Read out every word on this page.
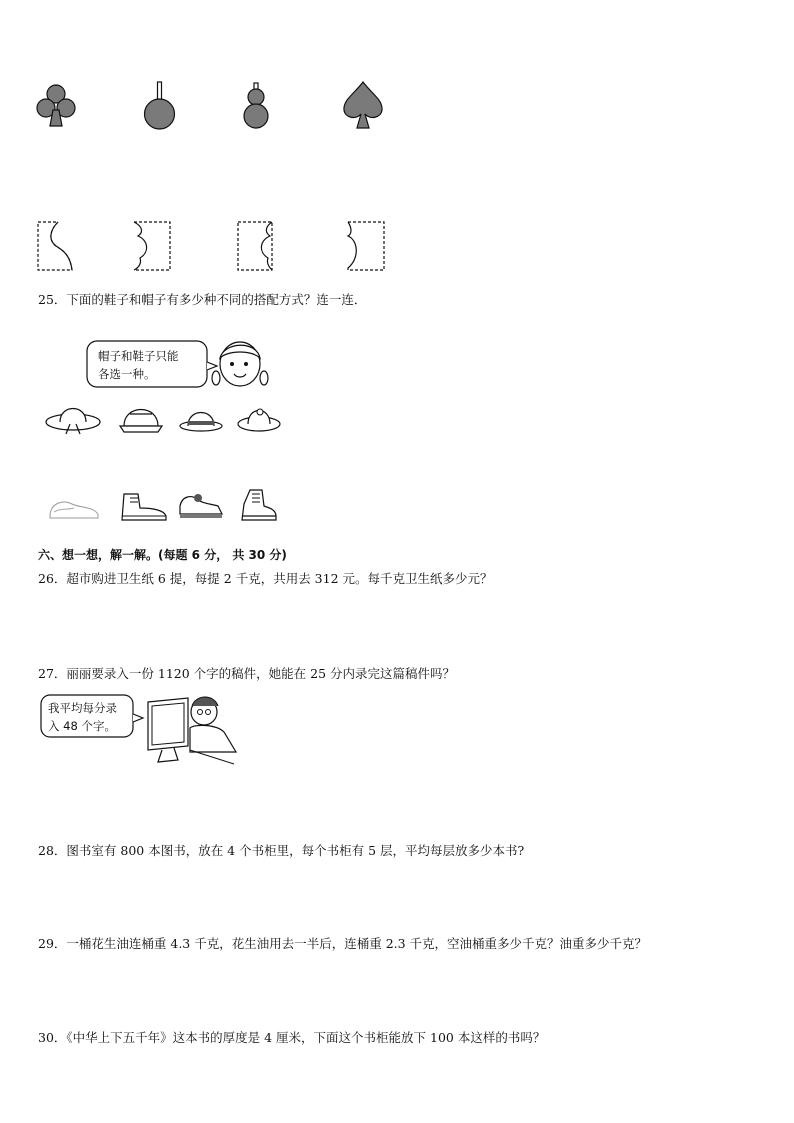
25．下面的鞋子和帽子有多少种不同的搭配方式？连一连．
帽子和鞋子只能
各选一种。
六、想一想，解一解。(每题 6 分， 共 30 分)
26．超市购进卫生纸 6 提，每提 2 千克，共用去 312 元。每千克卫生纸多少元？
27．丽丽要录入一份 1120 个字的稿件，她能在 25 分内录完这篇稿件吗？
我平均每分录
入 48 个字。
28．图书室有 800 本图书，放在 4 个书柜里，每个书柜有 5 层，平均每层放多少本书?
29．一桶花生油连桶重 4.3 千克，花生油用去一半后，连桶重 2.3 千克，空油桶重多少千克？油重多少千克？
30．《中华上下五千年》这本书的厚度是 4 厘米，下面这个书柜能放下 100 本这样的书吗？
